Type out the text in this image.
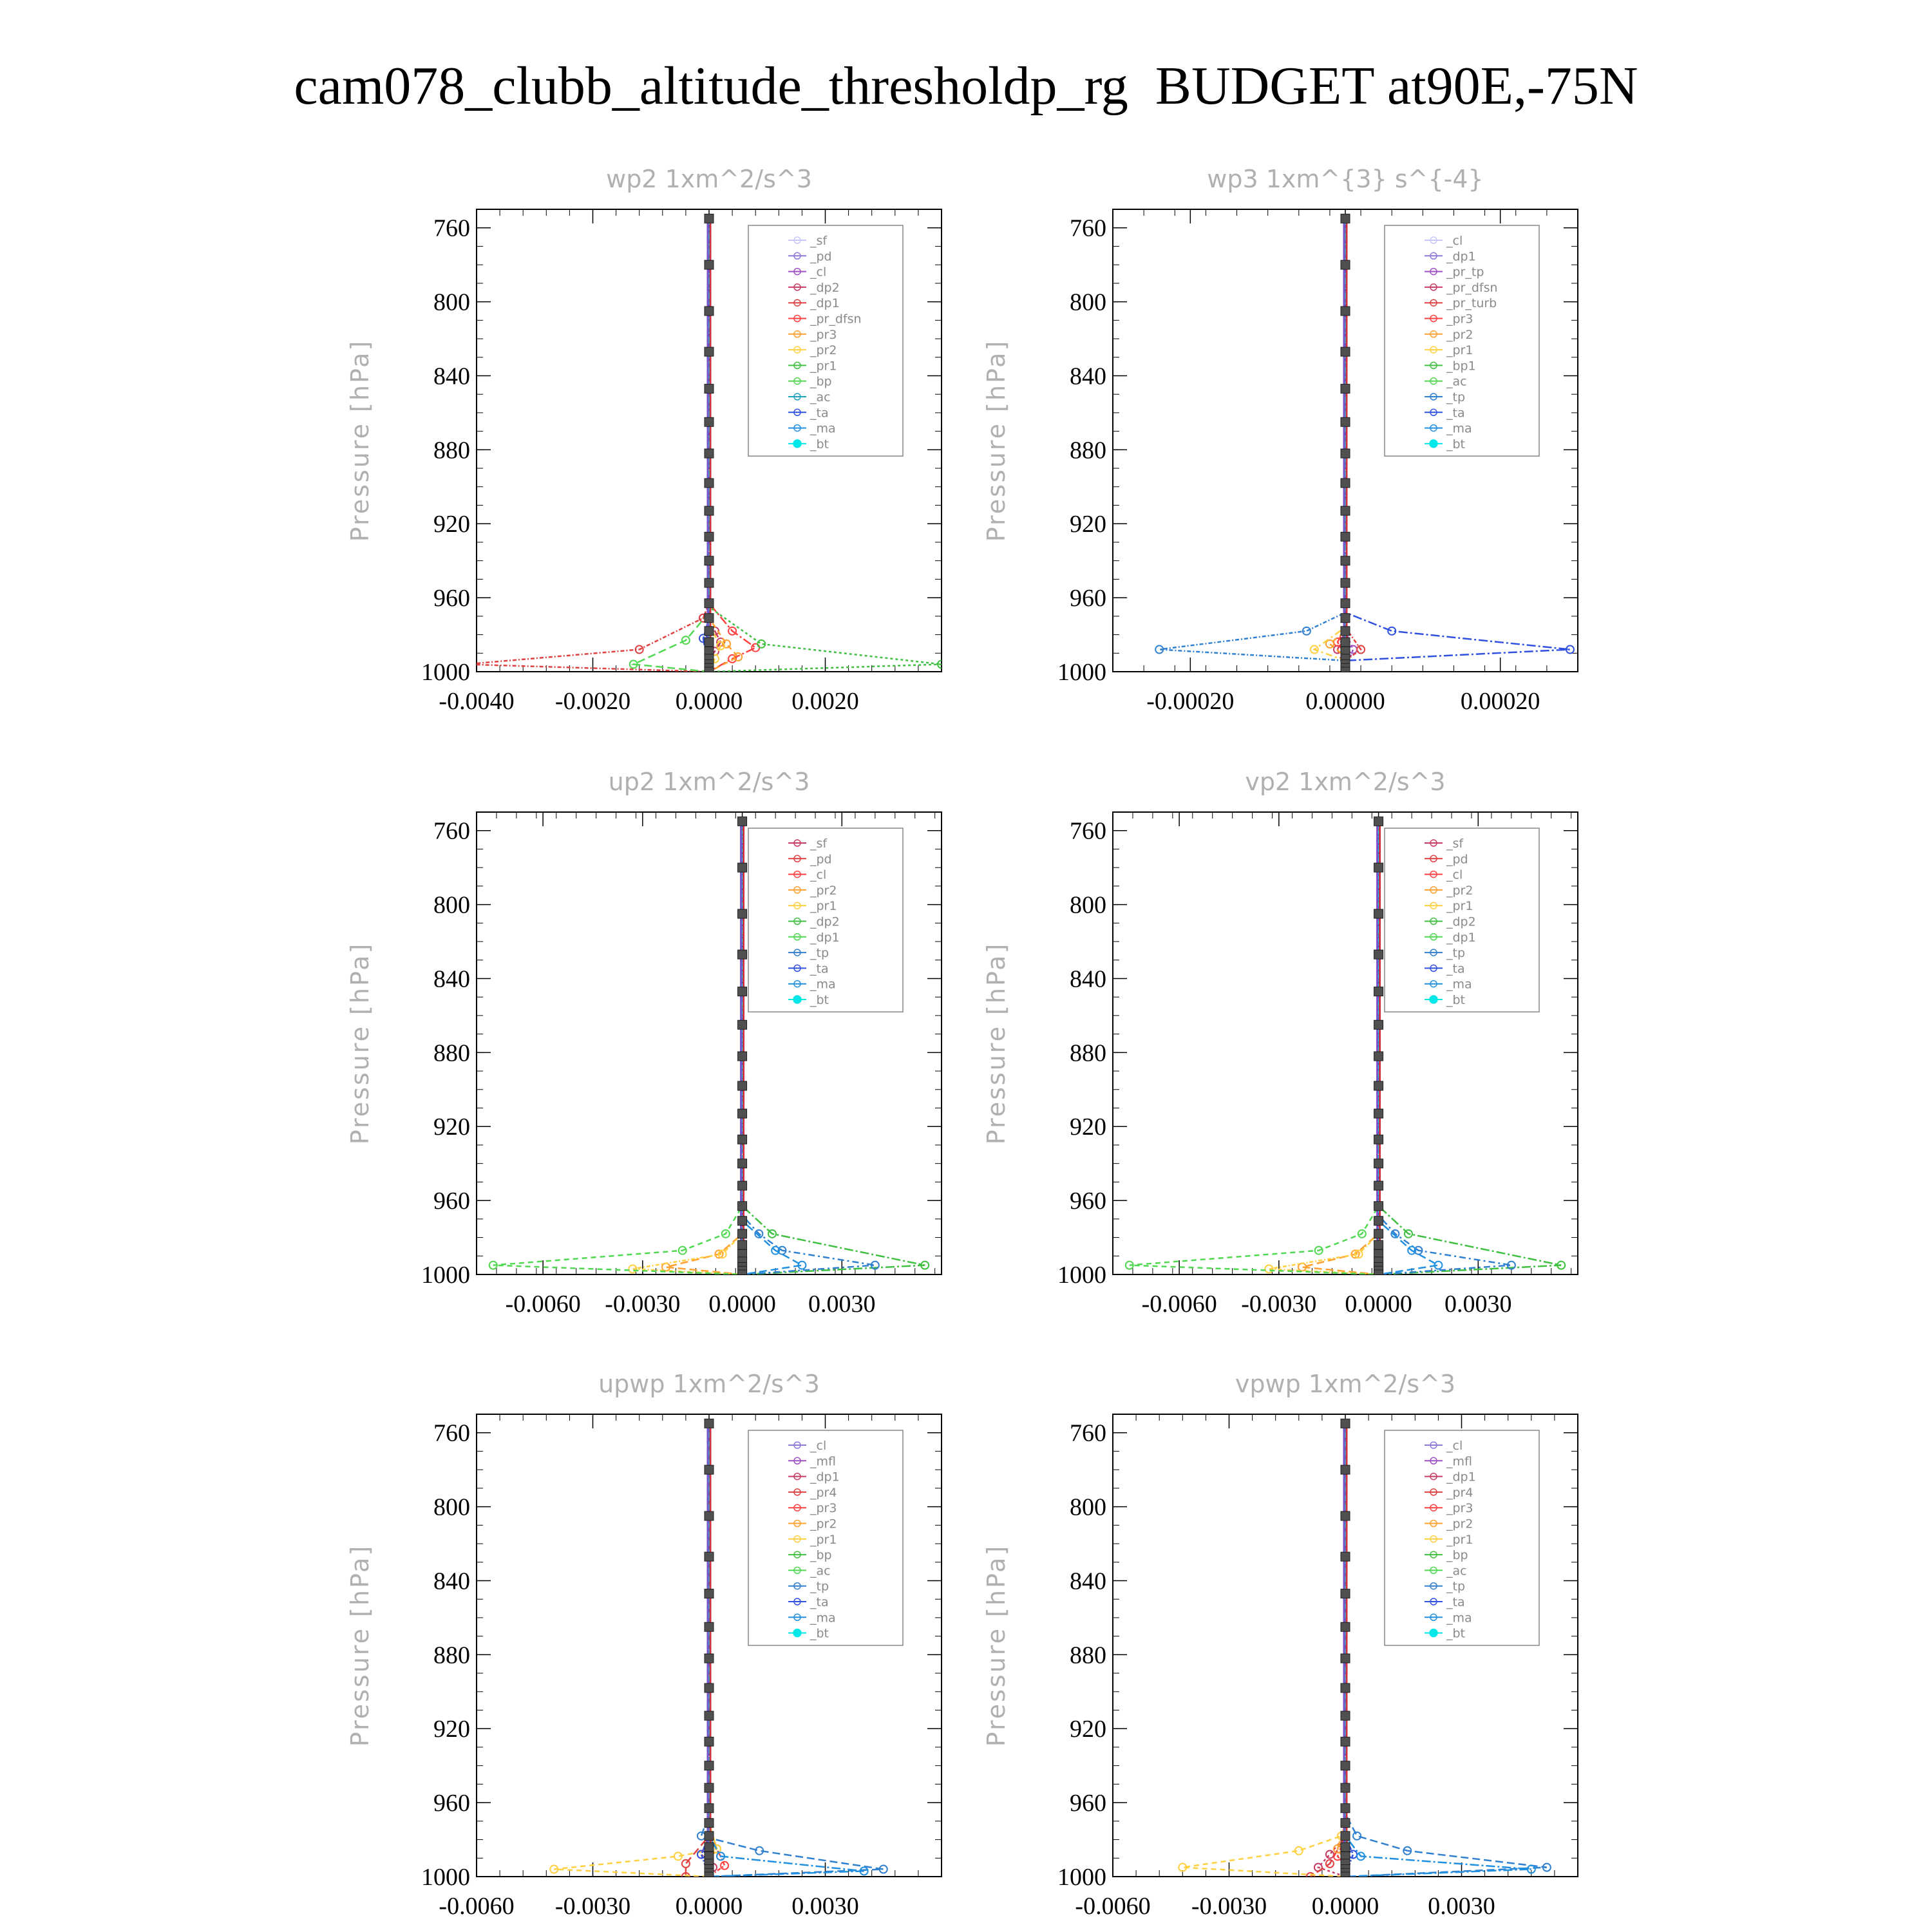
cam078_clubb_altitude_thresholdp_rg  BUDGET at90E,-75N
wp2 1xm^2/s^3
Pressure [hPa]
760
800
840
880
920
960
1000
-0.0040 -0.0020 0.0000 0.0020
_sf
_pd
_cl
_dp2
_dp1
_pr_dfsn
_pr3
_pr2
_pr1
_bp
_ac
_ta
_ma
_bt
wp3 1xm^{3} s^{-4}
Pressure [hPa]
760
800
840
880
920
960
1000
-0.00020	0.00000	0.00020
_cl
_dp1
_pr_tp
_pr_dfsn
_pr_turb
_pr3
_pr2
_pr1
_bp1
_ac
_tp
_ta
_ma
_bt
up2 1xm^2/s^3
Pressure [hPa]
760
800
840
880
920
960
1000
-0.0060 -0.0030 0.0000 0.0030
_sf
_pd
_cl
_pr2
_pr1
_dp2
_dp1
_tp
_ta
_ma
_bt
vp2 1xm^2/s^3
Pressure [hPa]
760
800
840
880
920
960
1000
-0.0060 -0.0030 0.0000 0.0030
_sf
_pd
_cl
_pr2
_pr1
_dp2
_dp1
_tp
_ta
_ma
_bt
upwp 1xm^2/s^3
Pressure [hPa]
760
800
840
880
920
960
1000
-0.0060 -0.0030 0.0000 0.0030
_cl
_mfl
_dp1
_pr4
_pr3
_pr2
_pr1
_bp
_ac
_tp
_ta
_ma
_bt
vpwp 1xm^2/s^3
Pressure [hPa]
760
800
840
880
920
960
1000
-0.0060 -0.0030 0.0000 0.0030
_cl
_mfl
_dp1
_pr4
_pr3
_pr2
_pr1
_bp
_ac
_tp
_ta
_ma
_bt
